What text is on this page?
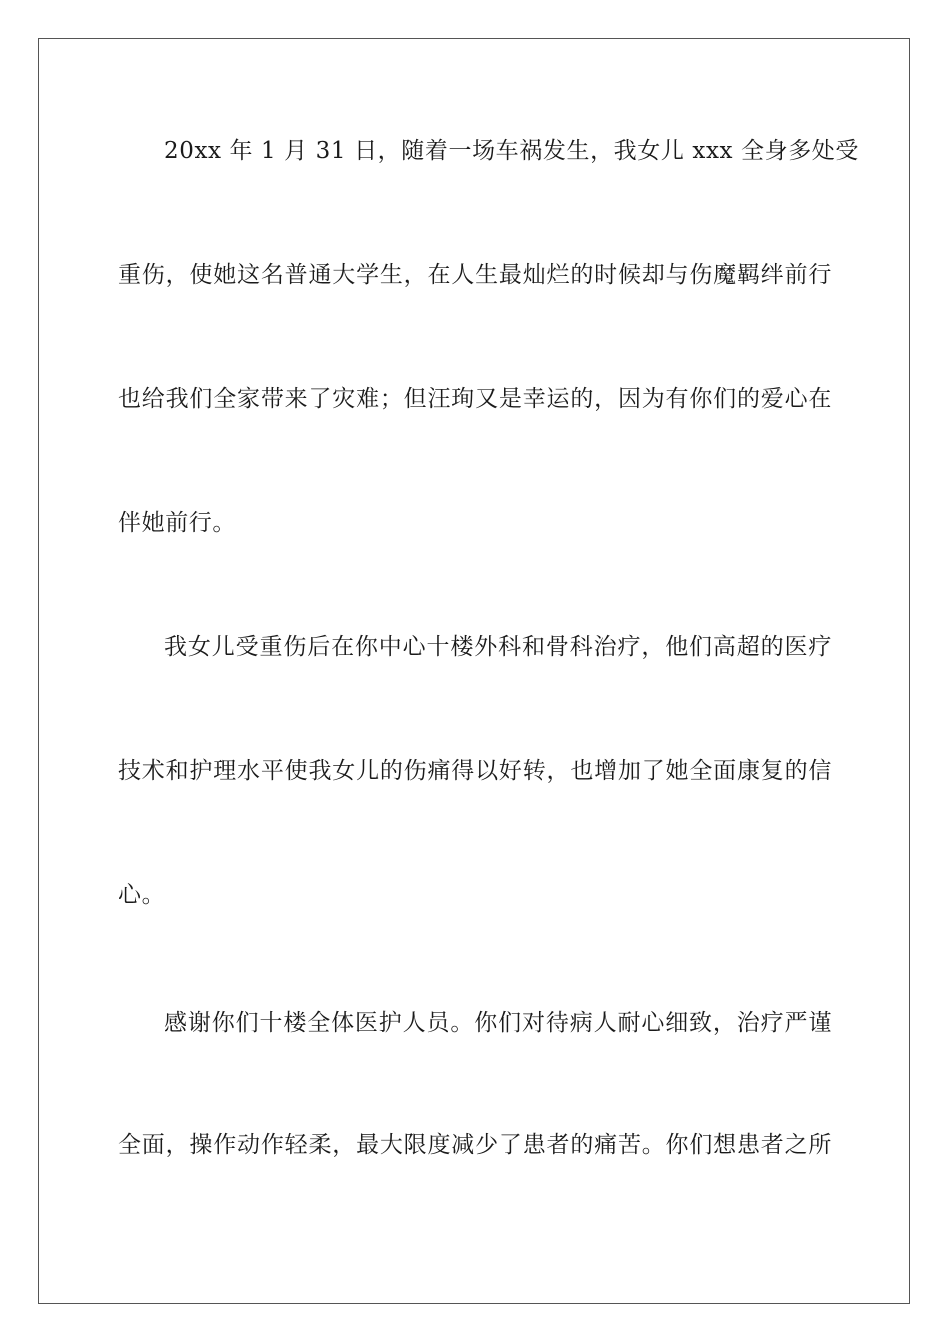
20xx 年 1 月 31 日，随着一场车祸发生，我女儿 xxx 全身多处受
重伤，使她这名普通大学生，在人生最灿烂的时候却与伤魔羁绊前行
也给我们全家带来了灾难；但汪珣又是幸运的，因为有你们的爱心在
伴她前行。
我女儿受重伤后在你中心十楼外科和骨科治疗，他们高超的医疗
技术和护理水平使我女儿的伤痛得以好转，也增加了她全面康复的信
心。
感谢你们十楼全体医护人员。你们对待病人耐心细致，治疗严谨
全面，操作动作轻柔，最大限度减少了患者的痛苦。你们想患者之所
